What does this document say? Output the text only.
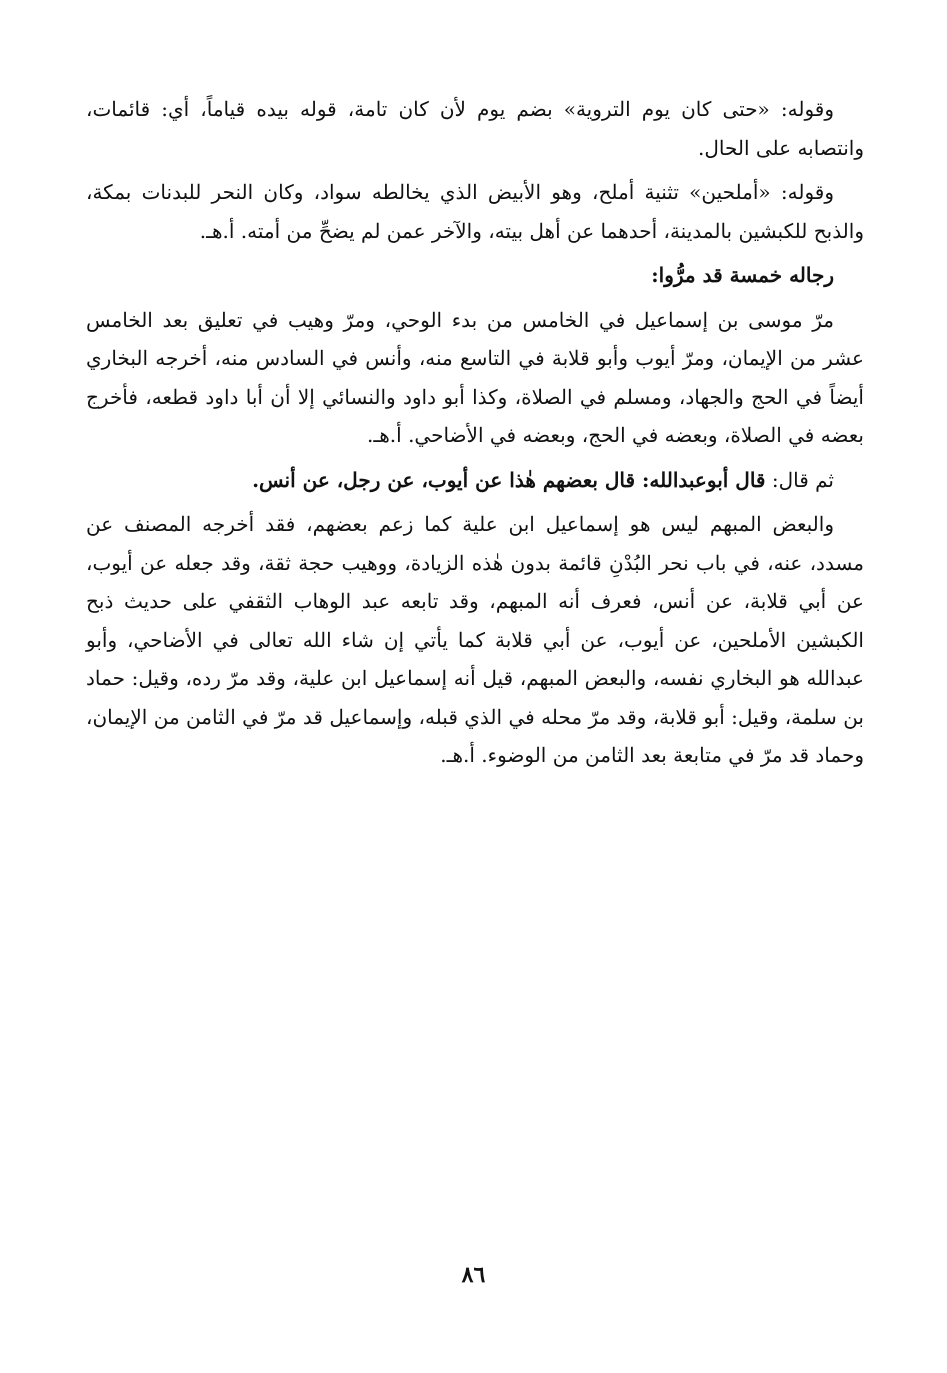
وقوله: «حتى كان يوم التروية» بضم يوم لأن كان تامة، قوله بيده قياماً، أي: قائمات، وانتصابه على الحال.

وقوله: «أملحين» تثنية أملح، وهو الأبيض الذي يخالطه سواد، وكان النحر للبدنات بمكة، والذبح للكبشين بالمدينة، أحدهما عن أهل بيته، والآخر عمن لم يضحِّ من أمته. أ.هـ.

رجاله خمسة قد مرُّوا:

مرّ موسى بن إسماعيل في الخامس من بدء الوحي، ومرّ وهيب في تعليق بعد الخامس عشر من الإيمان، ومرّ أيوب وأبو قلابة في التاسع منه، وأنس في السادس منه، أخرجه البخاري أيضاً في الحج والجهاد، ومسلم في الصلاة، وكذا أبو داود والنسائي إلا أن أبا داود قطعه، فأخرج بعضه في الصلاة، وبعضه في الحج، وبعضه في الأضاحي. أ.هـ.

ثم قال: قال أبوعبدالله: قال بعضهم هٰذا عن أيوب، عن رجل، عن أنس.

والبعض المبهم ليس هو إسماعيل ابن علية كما زعم بعضهم، فقد أخرجه المصنف عن مسدد، عنه، في باب نحر البُدْنِ قائمة بدون هٰذه الزيادة، ووهيب حجة ثقة، وقد جعله عن أيوب، عن أبي قلابة، عن أنس، فعرف أنه المبهم، وقد تابعه عبد الوهاب الثقفي على حديث ذبح الكبشين الأملحين، عن أيوب، عن أبي قلابة كما يأتي إن شاء الله تعالى في الأضاحي، وأبو عبدالله هو البخاري نفسه، والبعض المبهم، قيل أنه إسماعيل ابن علية، وقد مرّ رده، وقيل: حماد بن سلمة، وقيل: أبو قلابة، وقد مرّ محله في الذي قبله، وإسماعيل قد مرّ في الثامن من الإيمان، وحماد قد مرّ في متابعة بعد الثامن من الوضوء. أ.هـ.

٨٦
